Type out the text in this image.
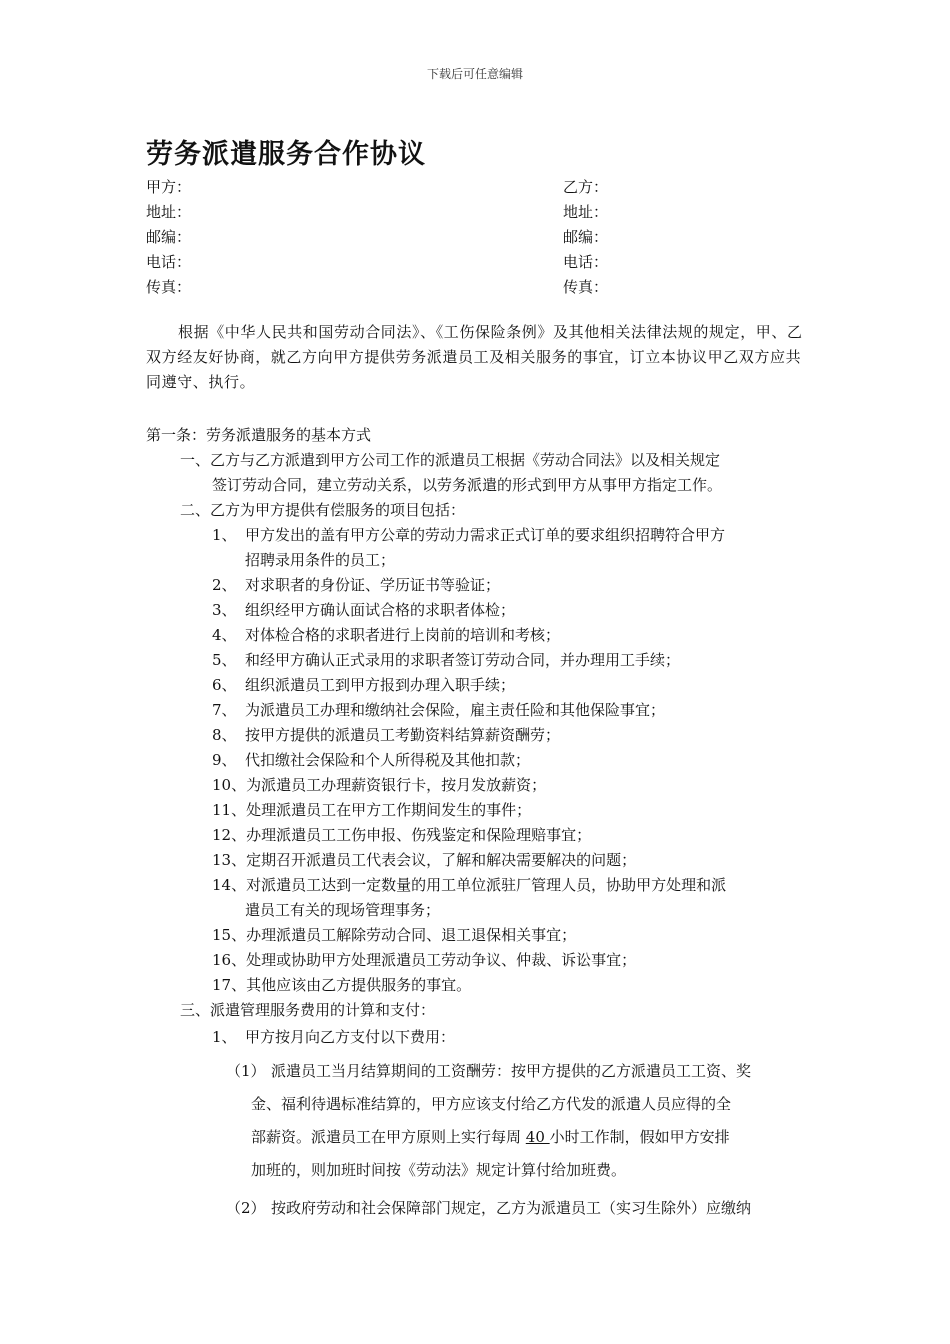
下载后可任意编辑
劳务派遣服务合作协议
甲方：	乙方：
地址：	地址：
邮编：	邮编：
电话：	电话：
传真：	传真：

根据《中华人民共和国劳动合同法》、《工伤保险条例》及其他相关法律法规的规定，甲、乙双方经友好协商，就乙方向甲方提供劳务派遣员工及相关服务的事宜，订立本协议甲乙双方应共同遵守、执行。

第一条：劳务派遣服务的基本方式
一、乙方与乙方派遣到甲方公司工作的派遣员工根据《劳动合同法》以及相关规定
签订劳动合同，建立劳动关系，以劳务派遣的形式到甲方从事甲方指定工作。
二、乙方为甲方提供有偿服务的项目包括：
1、 甲方发出的盖有甲方公章的劳动力需求正式订单的要求组织招聘符合甲方
招聘录用条件的员工；
2、 对求职者的身份证、学历证书等验证；
3、 组织经甲方确认面试合格的求职者体检；
4、 对体检合格的求职者进行上岗前的培训和考核；
5、 和经甲方确认正式录用的求职者签订劳动合同，并办理用工手续；
6、 组织派遣员工到甲方报到办理入职手续；
7、 为派遣员工办理和缴纳社会保险，雇主责任险和其他保险事宜；
8、 按甲方提供的派遣员工考勤资料结算薪资酬劳；
9、 代扣缴社会保险和个人所得税及其他扣款；
10、为派遣员工办理薪资银行卡，按月发放薪资；
11、处理派遣员工在甲方工作期间发生的事件；
12、办理派遣员工工伤申报、伤残鉴定和保险理赔事宜；
13、定期召开派遣员工代表会议，了解和解决需要解决的问题；
14、对派遣员工达到一定数量的用工单位派驻厂管理人员，协助甲方处理和派
遣员工有关的现场管理事务；
15、办理派遣员工解除劳动合同、退工退保相关事宜；
16、处理或协助甲方处理派遣员工劳动争议、仲裁、诉讼事宜；
17、其他应该由乙方提供服务的事宜。
三、派遣管理服务费用的计算和支付：
1、 甲方按月向乙方支付以下费用：
（1） 派遣员工当月结算期间的工资酬劳：按甲方提供的乙方派遣员工工资、奖
金、福利待遇标准结算的，甲方应该支付给乙方代发的派遣人员应得的全
部薪资。派遣员工在甲方原则上实行每周 40 小时工作制，假如甲方安排
加班的，则加班时间按《劳动法》规定计算付给加班费。
（2） 按政府劳动和社会保障部门规定，乙方为派遣员工（实习生除外）应缴纳
